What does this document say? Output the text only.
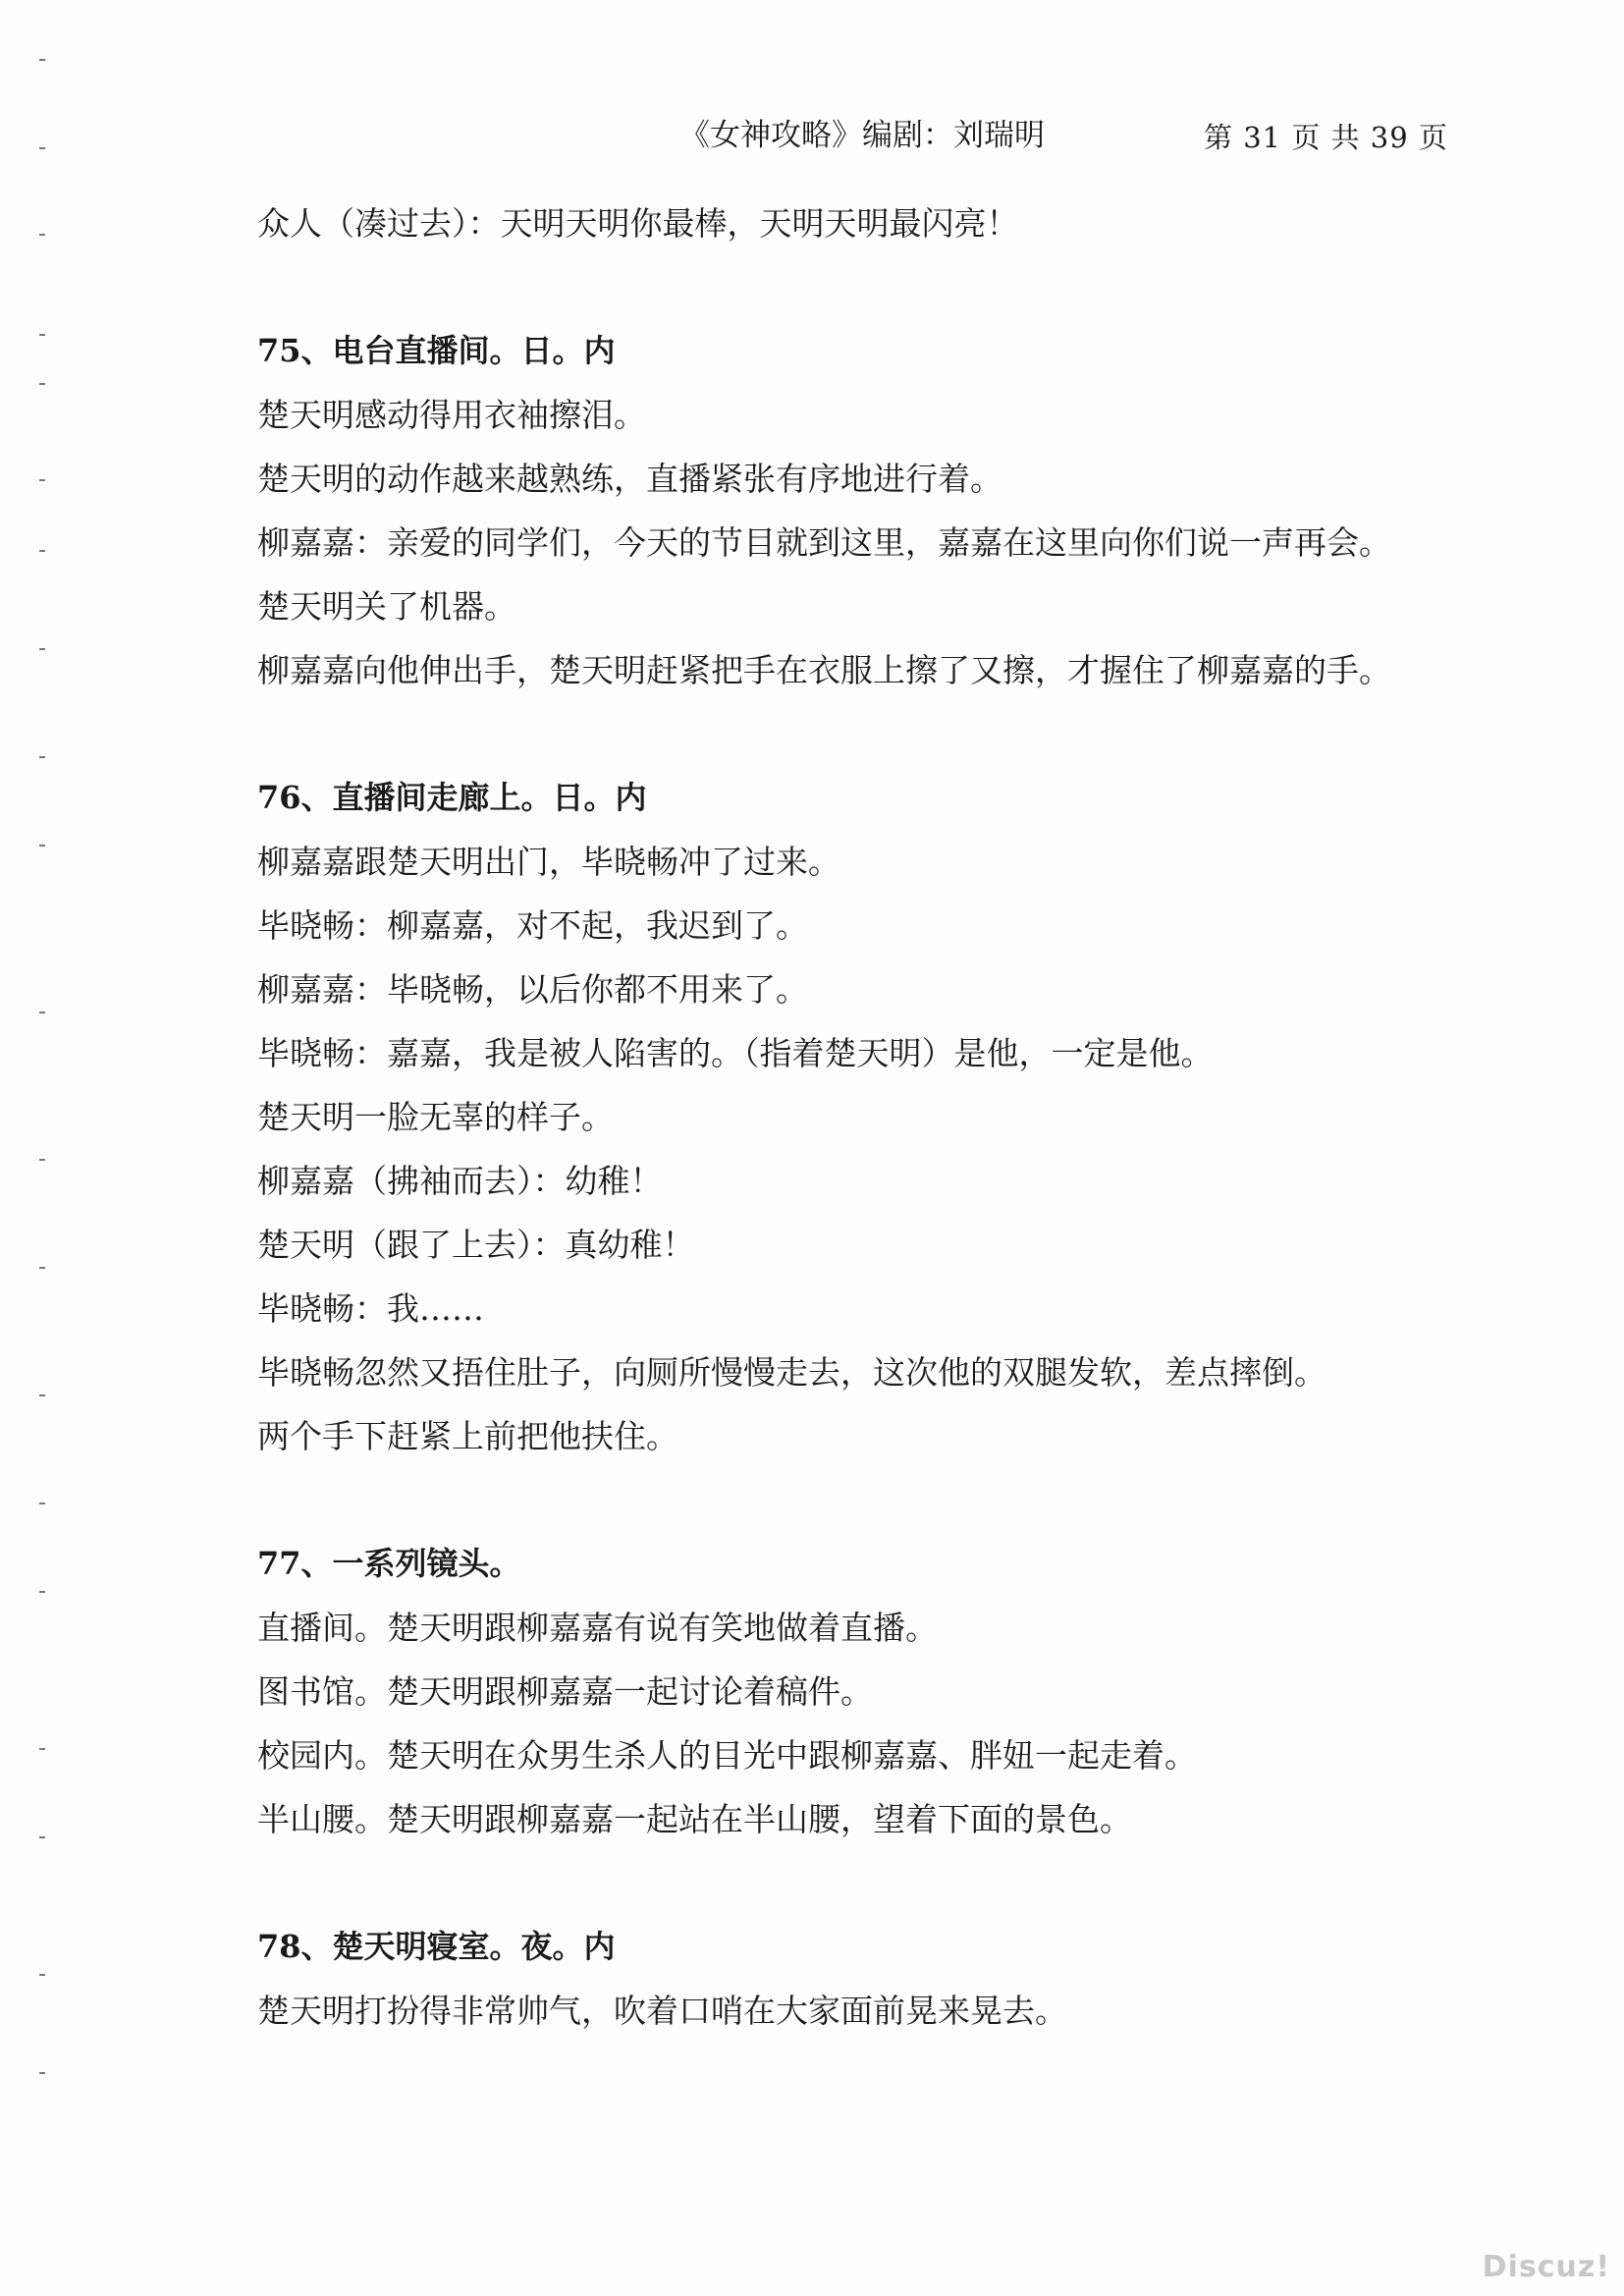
《女神攻略》编剧：刘瑞明	第 31 页 共 39 页
众人（凑过去）：天明天明你最棒，天明天明最闪亮！
75、电台直播间。日。内
楚天明感动得用衣袖擦泪。
楚天明的动作越来越熟练，直播紧张有序地进行着。
柳嘉嘉：亲爱的同学们，今天的节目就到这里，嘉嘉在这里向你们说一声再会。
楚天明关了机器。
柳嘉嘉向他伸出手，楚天明赶紧把手在衣服上擦了又擦，才握住了柳嘉嘉的手。
76、直播间走廊上。日。内
柳嘉嘉跟楚天明出门，毕晓畅冲了过来。
毕晓畅：柳嘉嘉，对不起，我迟到了。
柳嘉嘉：毕晓畅，以后你都不用来了。
毕晓畅：嘉嘉，我是被人陷害的。（指着楚天明）是他，一定是他。
楚天明一脸无辜的样子。
柳嘉嘉（拂袖而去）：幼稚！
楚天明（跟了上去）：真幼稚！
毕晓畅：我……
毕晓畅忽然又捂住肚子，向厕所慢慢走去，这次他的双腿发软，差点摔倒。
两个手下赶紧上前把他扶住。
77、一系列镜头。
直播间。楚天明跟柳嘉嘉有说有笑地做着直播。
图书馆。楚天明跟柳嘉嘉一起讨论着稿件。
校园内。楚天明在众男生杀人的目光中跟柳嘉嘉、胖妞一起走着。
半山腰。楚天明跟柳嘉嘉一起站在半山腰，望着下面的景色。
78、楚天明寝室。夜。内
楚天明打扮得非常帅气，吹着口哨在大家面前晃来晃去。
Discuz!
